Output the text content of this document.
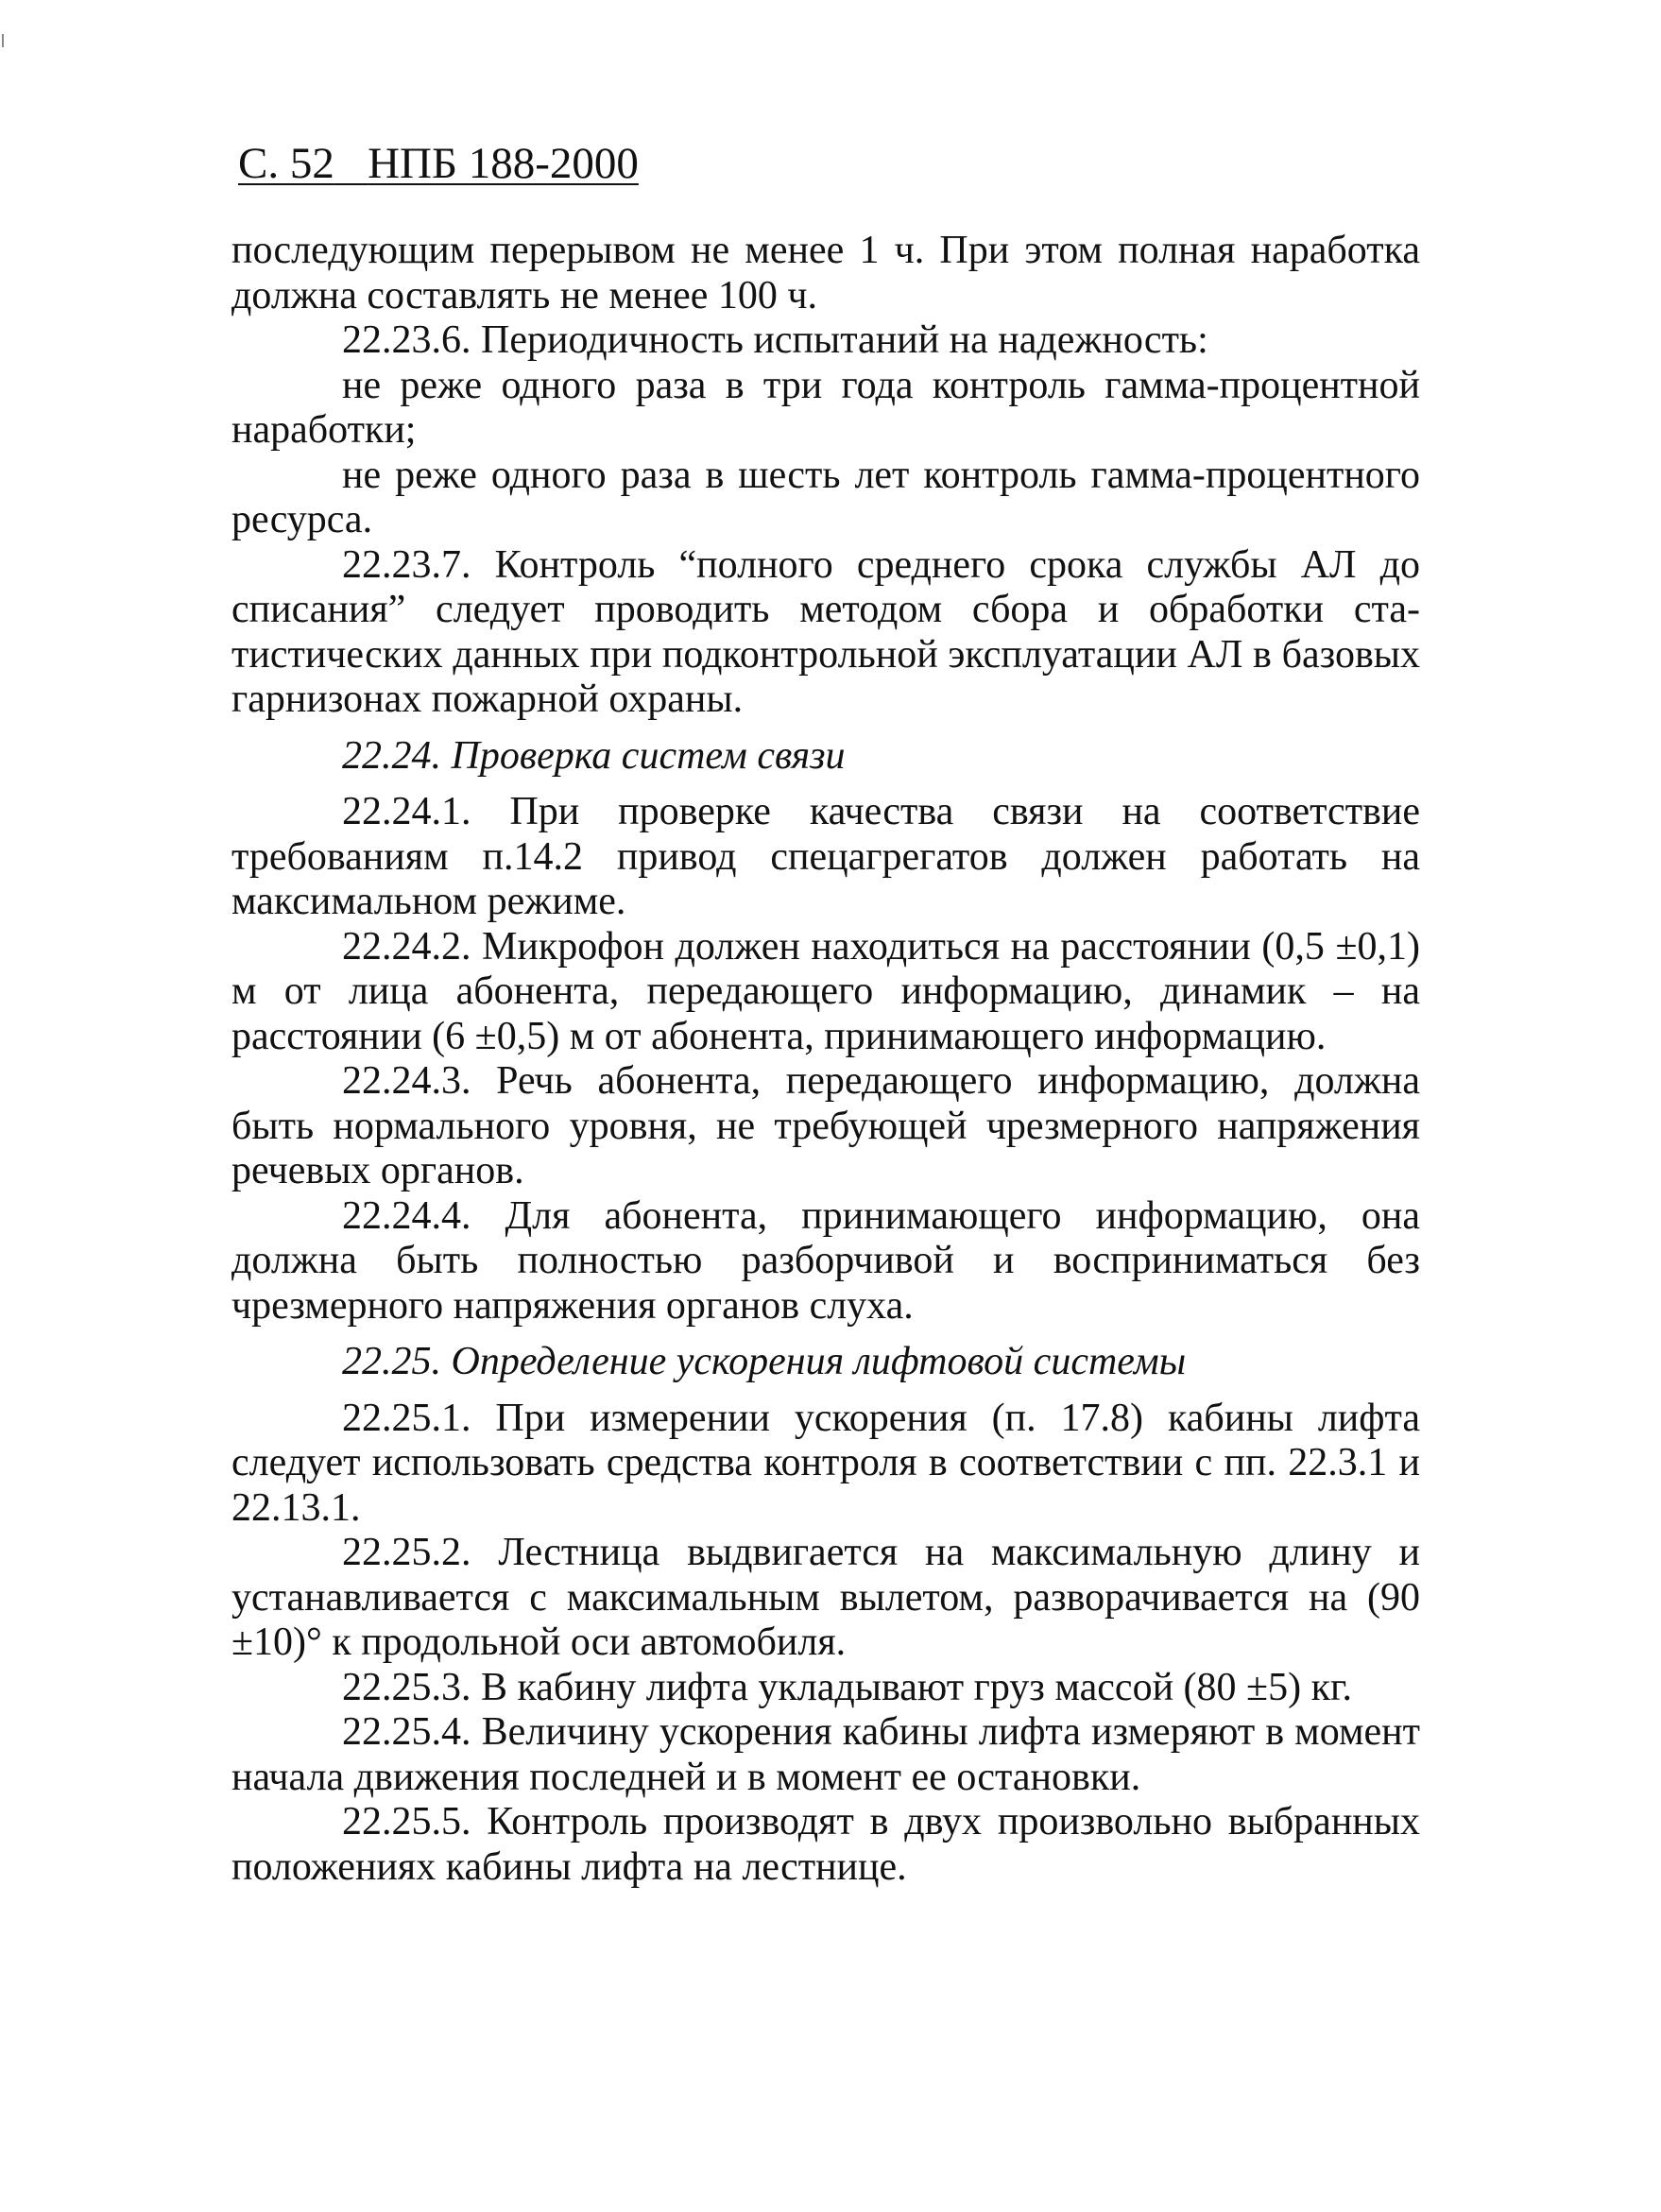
С. 52 НПБ 188-2000

последующим перерывом не менее 1 ч. При этом полная наработка должна составлять не менее 100 ч.

22.23.6. Периодичность испытаний на надежность:

не реже одного раза в три года контроль гамма-процентной наработки;

не реже одного раза в шесть лет контроль гамма-процентного ресурса.

22.23.7. Контроль “полного среднего срока службы АЛ до списания” следует проводить методом сбора и обработки статистических данных при подконтрольной эксплуатации АЛ в базовых гарнизонах пожарной охраны.

22.24. Проверка систем связи

22.24.1. При проверке качества связи на соответствие требованиям п.14.2 привод спецагрегатов должен работать на максимальном режиме.

22.24.2. Микрофон должен находиться на расстоянии (0,5 ±0,1) м от лица абонента, передающего информацию, динамик – на расстоянии (6 ±0,5) м от абонента, принимающего информацию.

22.24.3. Речь абонента, передающего информацию, должна быть нормального уровня, не требующей чрезмерного напряжения речевых органов.

22.24.4. Для абонента, принимающего информацию, она должна быть полностью разборчивой и восприниматься без чрезмерного напряжения органов слуха.

22.25. Определение ускорения лифтовой системы

22.25.1. При измерении ускорения (п. 17.8) кабины лифта следует использовать средства контроля в соответствии с пп. 22.3.1 и 22.13.1.

22.25.2. Лестница выдвигается на максимальную длину и устанавливается с максимальным вылетом, разворачивается на (90 ±10)° к продольной оси автомобиля.

22.25.3. В кабину лифта укладывают груз массой (80 ±5) кг.

22.25.4. Величину ускорения кабины лифта измеряют в момент начала движения последней и в момент ее остановки.

22.25.5. Контроль производят в двух произвольно выбранных положениях кабины лифта на лестнице.
